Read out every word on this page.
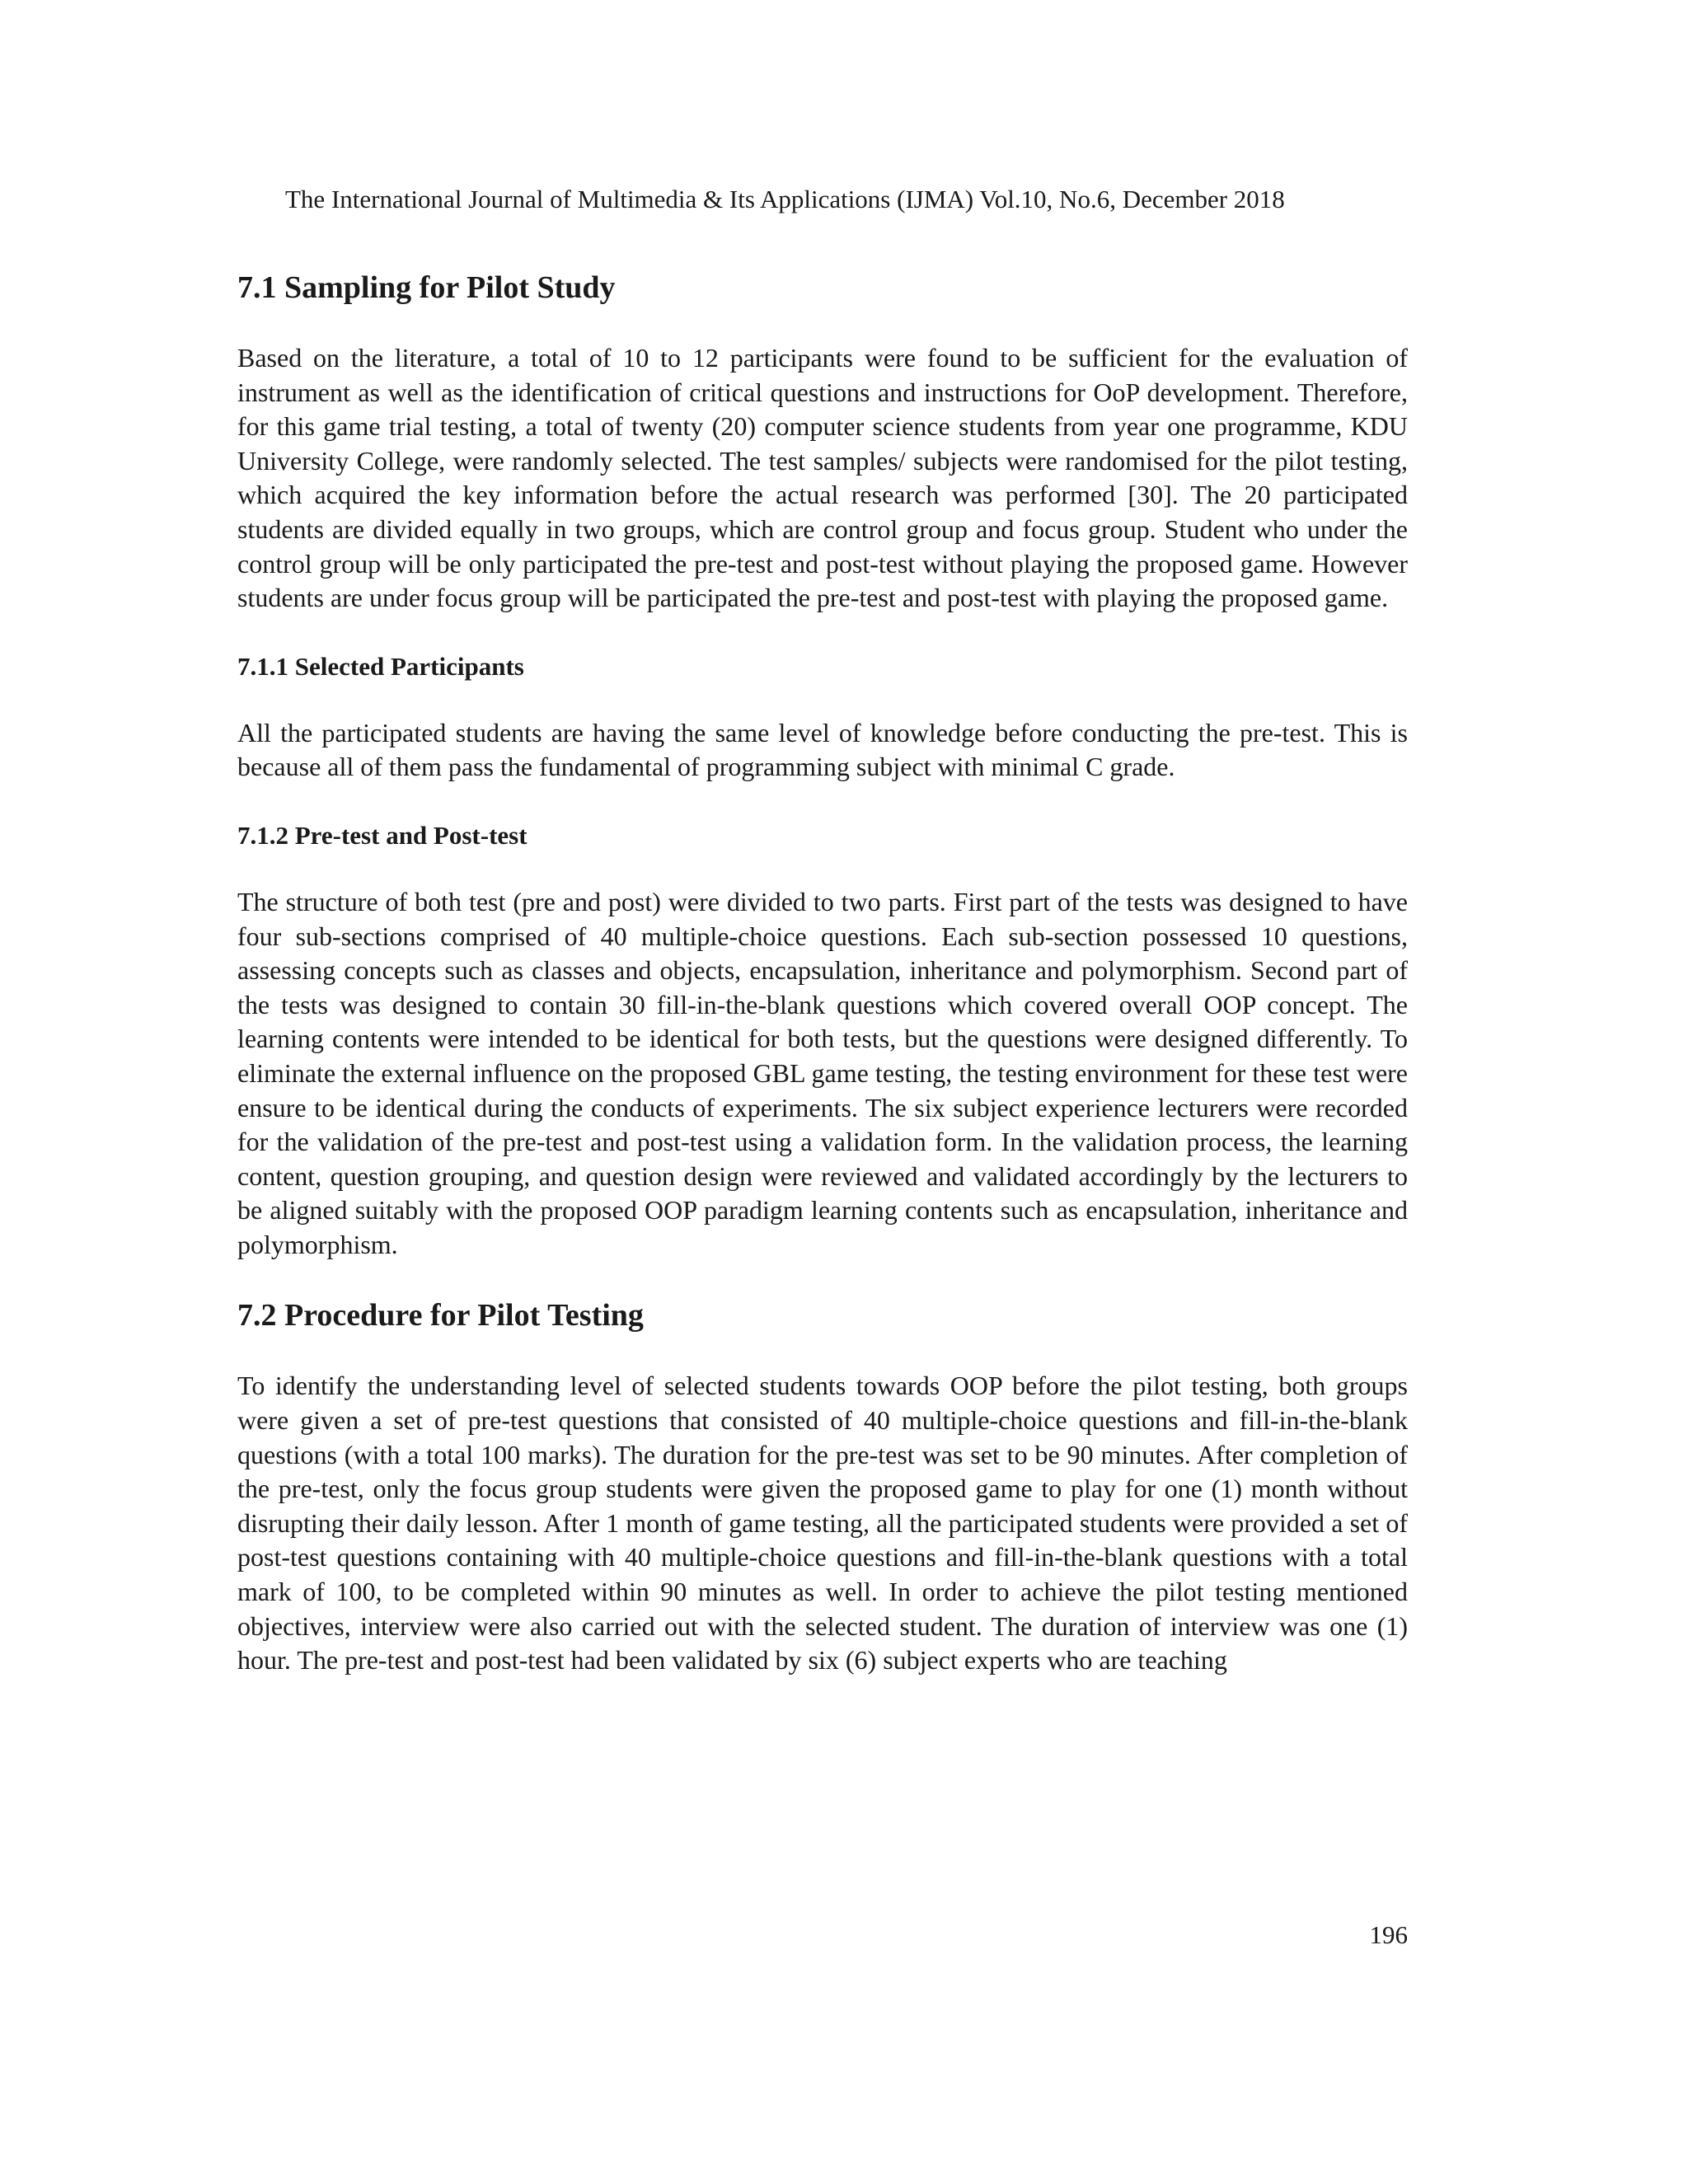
The International Journal of Multimedia & Its Applications (IJMA) Vol.10, No.6, December 2018
7.1 Sampling for Pilot Study

Based on the literature, a total of 10 to 12 participants were found to be sufficient for the evaluation of instrument as well as the identification of critical questions and instructions for OoP development. Therefore, for this game trial testing, a total of twenty (20) computer science students from year one programme, KDU University College, were randomly selected. The test samples/ subjects were randomised for the pilot testing, which acquired the key information before the actual research was performed [30]. The 20 participated students are divided equally in two groups, which are control group and focus group. Student who under the control group will be only participated the pre-test and post-test without playing the proposed game. However students are under focus group will be participated the pre-test and post-test with playing the proposed game.

7.1.1 Selected Participants

All the participated students are having the same level of knowledge before conducting the pre-test. This is because all of them pass the fundamental of programming subject with minimal C grade.

7.1.2 Pre-test and Post-test

The structure of both test (pre and post) were divided to two parts. First part of the tests was designed to have four sub-sections comprised of 40 multiple-choice questions. Each sub-section possessed 10 questions, assessing concepts such as classes and objects, encapsulation, inheritance and polymorphism. Second part of the tests was designed to contain 30 fill-in-the-blank questions which covered overall OOP concept. The learning contents were intended to be identical for both tests, but the questions were designed differently. To eliminate the external influence on the proposed GBL game testing, the testing environment for these test were ensure to be identical during the conducts of experiments. The six subject experience lecturers were recorded for the validation of the pre-test and post-test using a validation form. In the validation process, the learning content, question grouping, and question design were reviewed and validated accordingly by the lecturers to be aligned suitably with the proposed OOP paradigm learning contents such as encapsulation, inheritance and polymorphism.

7.2 Procedure for Pilot Testing

To identify the understanding level of selected students towards OOP before the pilot testing, both groups were given a set of pre-test questions that consisted of 40 multiple-choice questions and fill-in-the-blank questions (with a total 100 marks). The duration for the pre-test was set to be 90 minutes. After completion of the pre-test, only the focus group students were given the proposed game to play for one (1) month without disrupting their daily lesson. After 1 month of game testing, all the participated students were provided a set of post-test questions containing with 40 multiple-choice questions and fill-in-the-blank questions with a total mark of 100, to be completed within 90 minutes as well. In order to achieve the pilot testing mentioned objectives, interview were also carried out with the selected student. The duration of interview was one (1) hour. The pre-test and post-test had been validated by six (6) subject experts who are teaching

196
